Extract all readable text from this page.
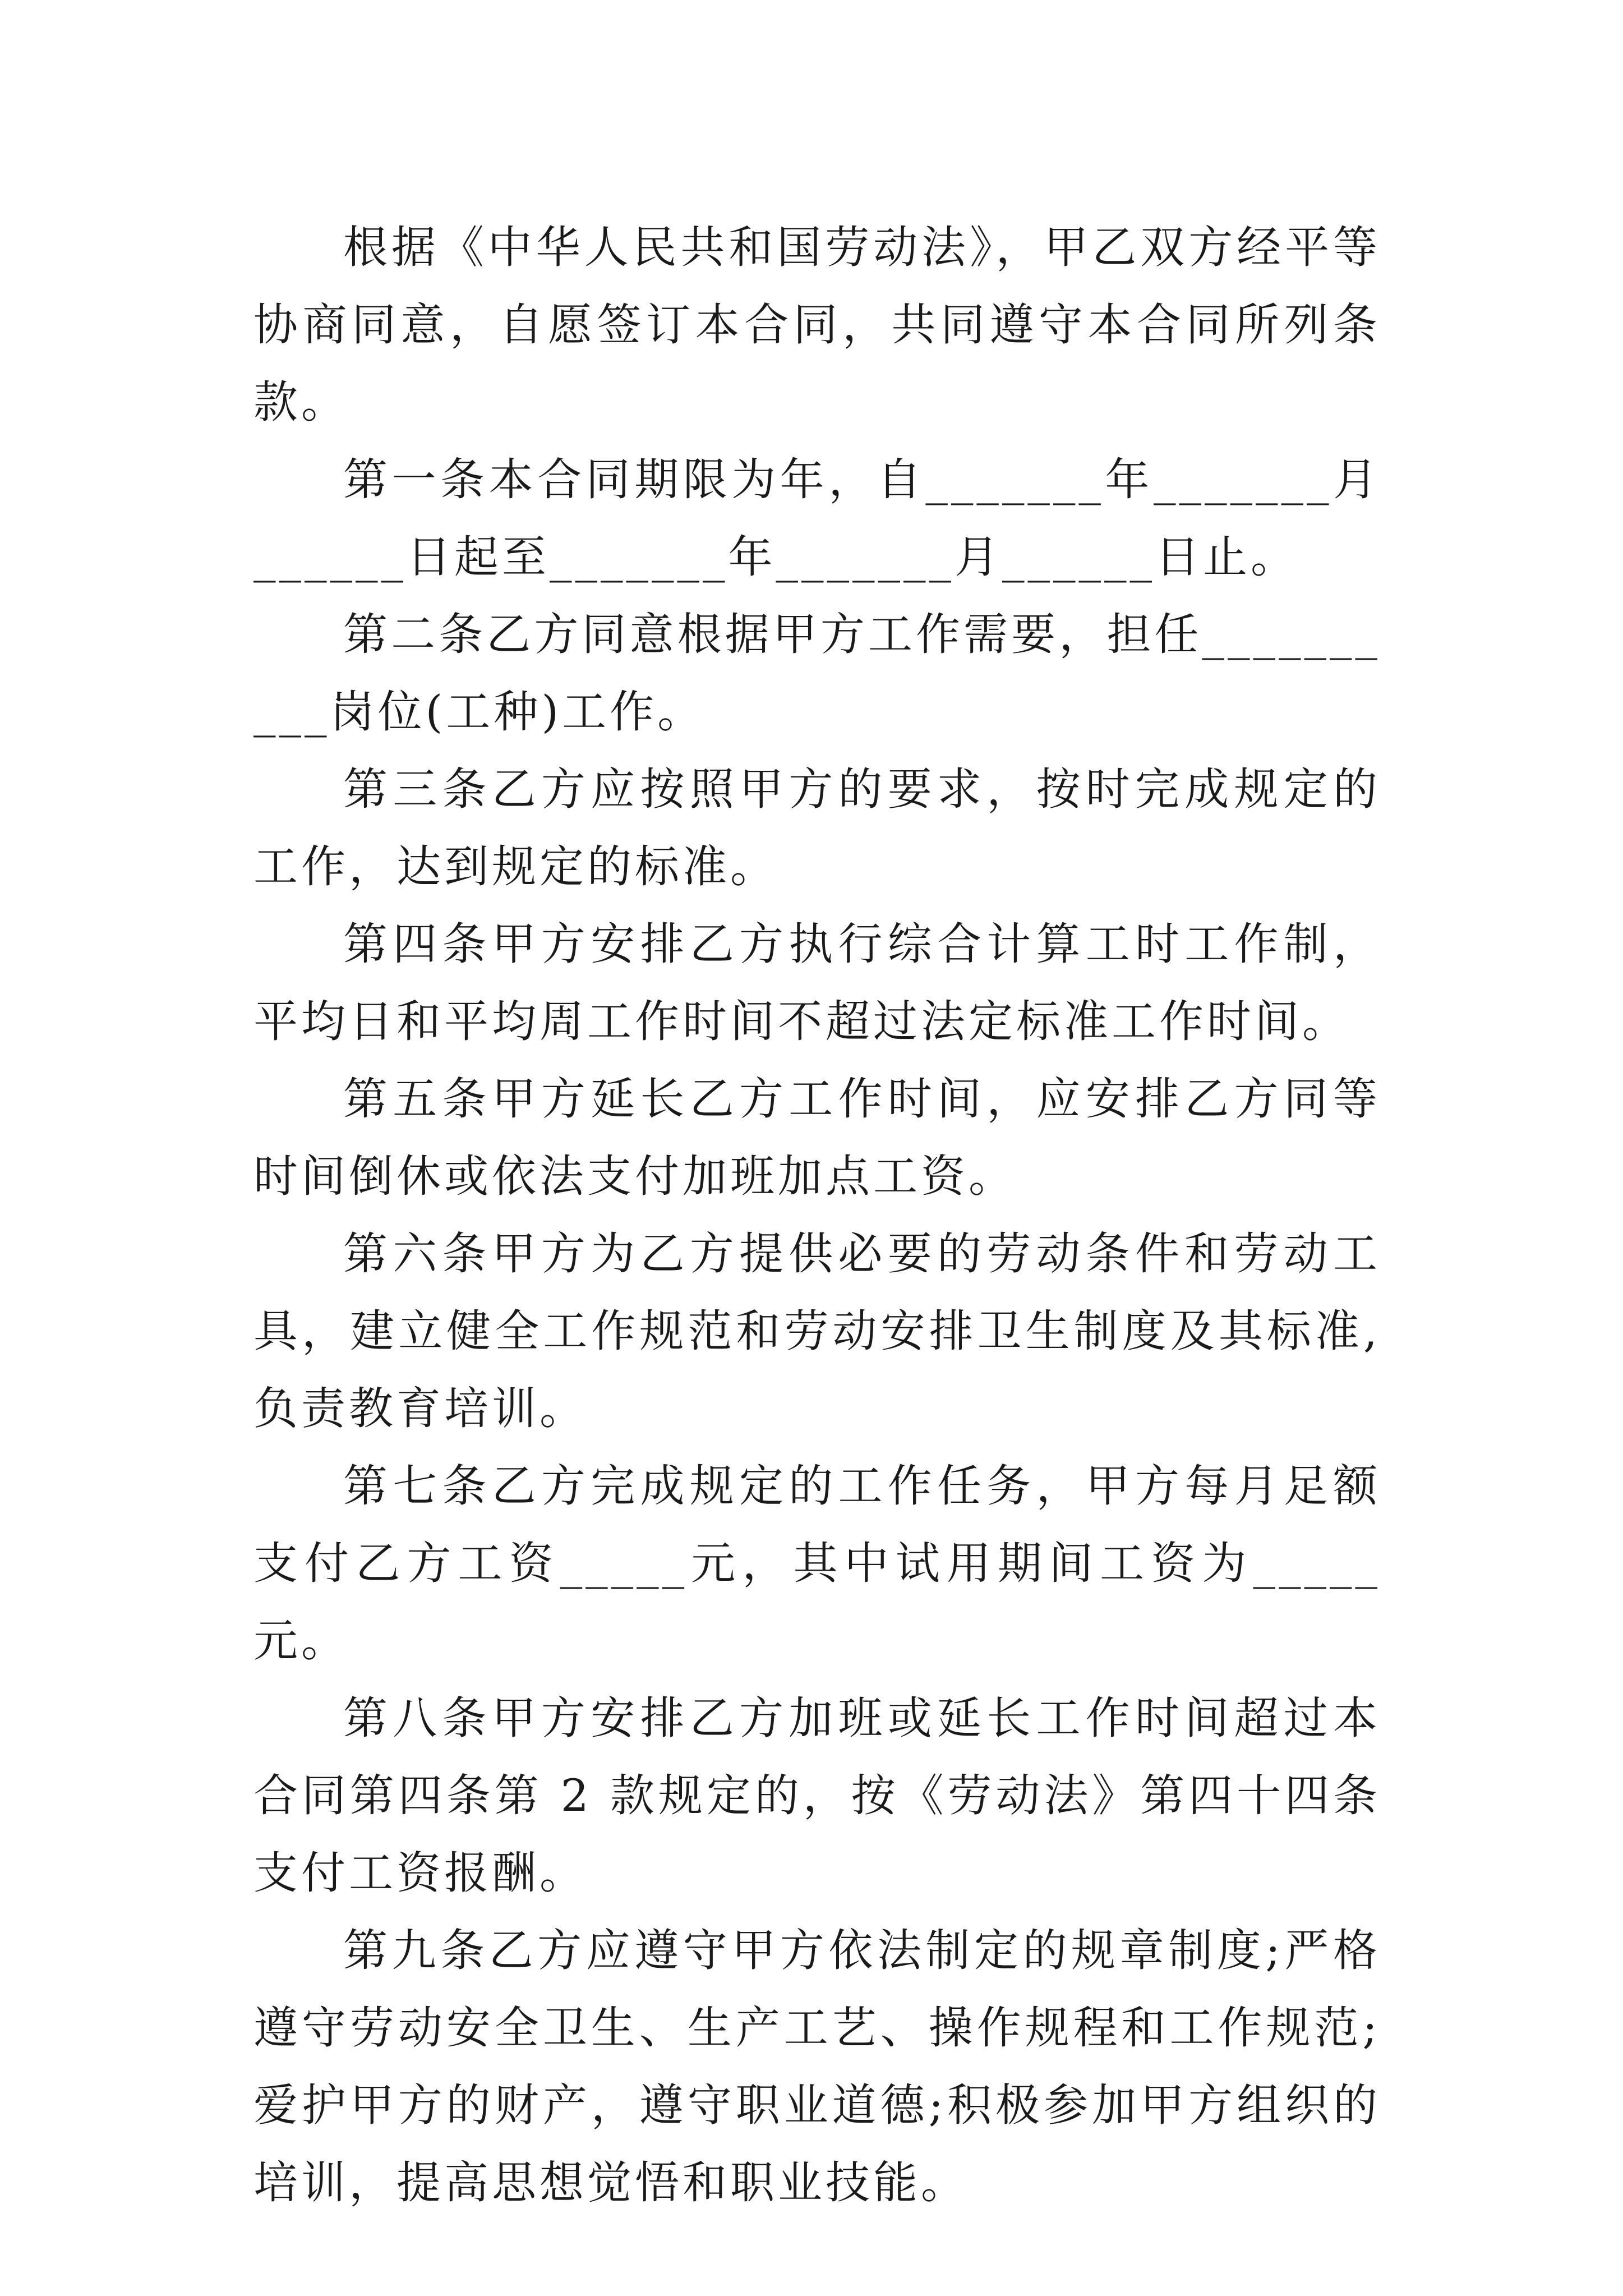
根据《中华人民共和国劳动法》，甲乙双方经平等协商同意，自愿签订本合同，共同遵守本合同所列条款。

第一条本合同期限为年，自_______年_______月______日起至_______年_______月______日止。

第二条乙方同意根据甲方工作需要，担任__________岗位(工种)工作。

第三条乙方应按照甲方的要求，按时完成规定的工作，达到规定的标准。

第四条甲方安排乙方执行综合计算工时工作制，平均日和平均周工作时间不超过法定标准工作时间。

第五条甲方延长乙方工作时间，应安排乙方同等时间倒休或依法支付加班加点工资。

第六条甲方为乙方提供必要的劳动条件和劳动工具，建立健全工作规范和劳动安排卫生制度及其标准,负责教育培训。

第七条乙方完成规定的工作任务，甲方每月足额支付乙方工资_____元，其中试用期间工资为_____元。

第八条甲方安排乙方加班或延长工作时间超过本合同第四条第 2 款规定的，按《劳动法》第四十四条支付工资报酬。

第九条乙方应遵守甲方依法制定的规章制度;严格遵守劳动安全卫生、生产工艺、操作规程和工作规范;爱护甲方的财产，遵守职业道德;积极参加甲方组织的培训，提高思想觉悟和职业技能。
